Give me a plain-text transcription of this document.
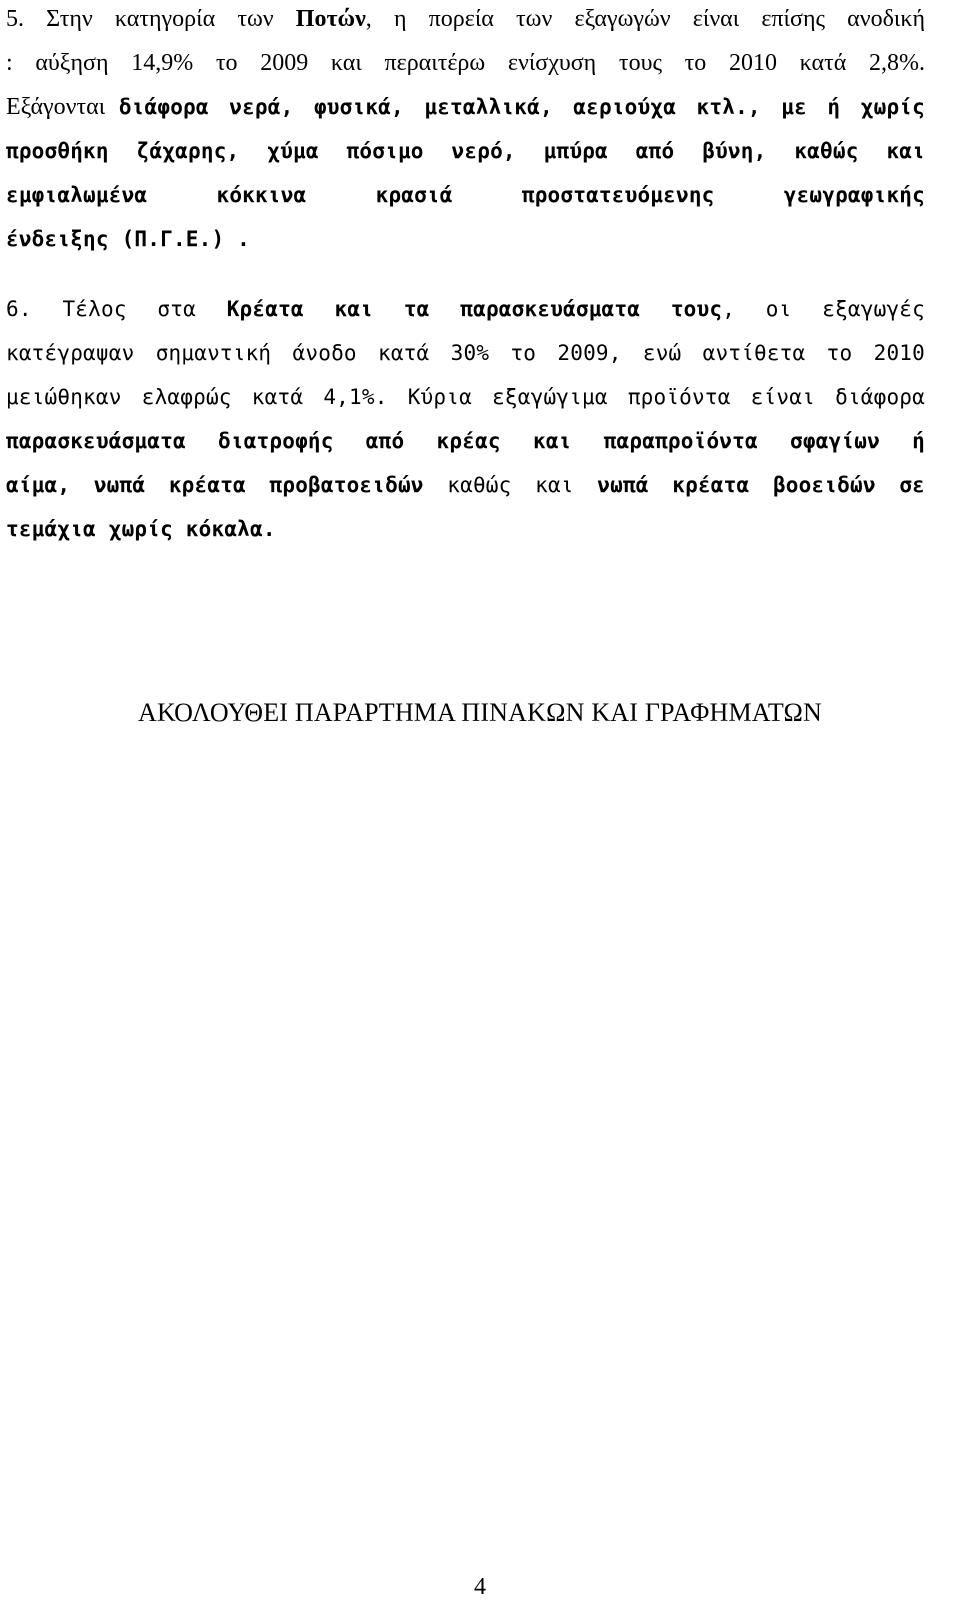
5. Στην κατηγορία των Ποτών, η πορεία των εξαγωγών είναι επίσης ανοδική
: αύξηση 14,9% το 2009 και περαιτέρω ενίσχυση τους το 2010 κατά 2,8%.
Εξάγονται διάφορα νερά, φυσικά, μεταλλικά, αεριούχα κτλ., με ή χωρίς
προσθήκη ζάχαρης, χύμα πόσιμο νερό, μπύρα από βύνη, καθώς και
εμφιαλωμένα κόκκινα κρασιά προστατευόμενης γεωγραφικής
ένδειξης (Π.Γ.Ε.) .
6. Τέλος στα Κρέατα και τα παρασκευάσματα τους, οι εξαγωγές
κατέγραψαν σημαντική άνοδο κατά 30% το 2009, ενώ αντίθετα το 2010
μειώθηκαν ελαφρώς κατά 4,1%. Κύρια εξαγώγιμα προϊόντα είναι διάφορα
παρασκευάσματα διατροφής από κρέας και παραπροϊόντα σφαγίων ή
αίμα, νωπά κρέατα προβατοειδών καθώς και νωπά κρέατα βοοειδών σε
τεμάχια χωρίς κόκαλα.
ΑΚΟΛΟΥΘΕΙ ΠΑΡΑΡΤΗΜΑ ΠΙΝΑΚΩΝ ΚΑΙ ΓΡΑΦΗΜΑΤΩΝ
4
